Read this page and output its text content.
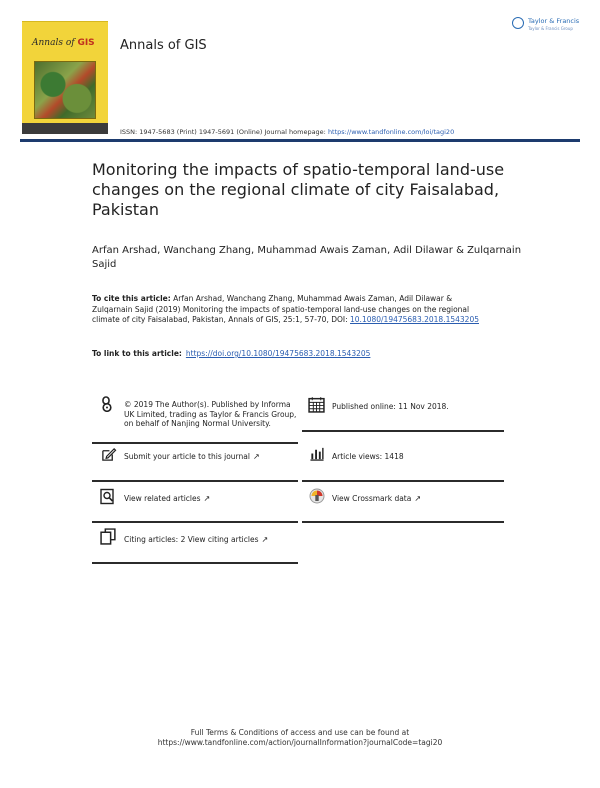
Annals of GIS Annals of GIS
Taylor & Francis
Taylor & Francis Group
ISSN: 1947-5683 (Print) 1947-5691 (Online) Journal homepage: https://www.tandfonline.com/loi/tagi20
Monitoring the impacts of spatio-temporal land-use changes on the regional climate of city Faisalabad, Pakistan
Arfan Arshad, Wanchang Zhang, Muhammad Awais Zaman, Adil Dilawar & Zulqarnain Sajid
To cite this article: Arfan Arshad, Wanchang Zhang, Muhammad Awais Zaman, Adil Dilawar & Zulqarnain Sajid (2019) Monitoring the impacts of spatio-temporal land-use changes on the regional climate of city Faisalabad, Pakistan, Annals of GIS, 25:1, 57-70, DOI: 10.1080/19475683.2018.1543205
To link to this article: https://doi.org/10.1080/19475683.2018.1543205
© 2019 The Author(s). Published by Informa UK Limited, trading as Taylor & Francis Group, on behalf of Nanjing Normal University.
Submit your article to this journal ↗
View related articles ↗
Citing articles: 2 View citing articles ↗
Published online: 11 Nov 2018.
Article views: 1418
View Crossmark data ↗
Full Terms & Conditions of access and use can be found at
https://www.tandfonline.com/action/journalInformation?journalCode=tagi20
